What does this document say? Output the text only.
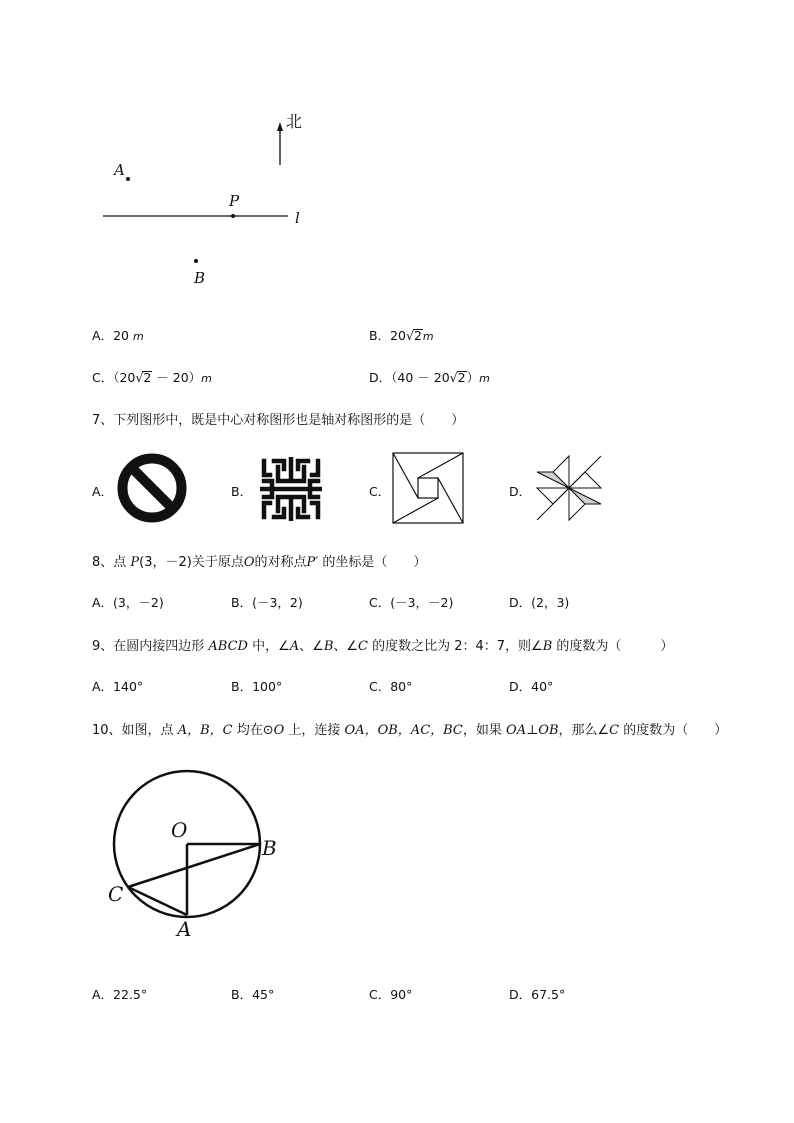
北
A
P
l
B
A．20 m	B．20√2m
C．（20√2 － 20）m	D．（40 － 20√2）m
7、下列图形中，既是中心对称图形也是轴对称图形的是（　　）
A．	B．	C．	D．
8、点 P(3，－2)关于原点O的对称点P′ 的坐标是（　　）
A．(3，－2)	B．(－3，2)	C．(－3，－2)	D．(2，3)
9、在圆内接四边形 ABCD 中，∠A、∠B、∠C 的度数之比为 2：4：7，则∠B 的度数为（　　　）
A．140°	B．100°	C．80°	D．40°
10、如图，点 A，B，C 均在⊙O 上，连接 OA，OB，AC，BC，如果 OA⊥OB，那么∠C 的度数为（　　）
O
B
C
A
A．22.5°	B．45°	C．90°	D．67.5°
